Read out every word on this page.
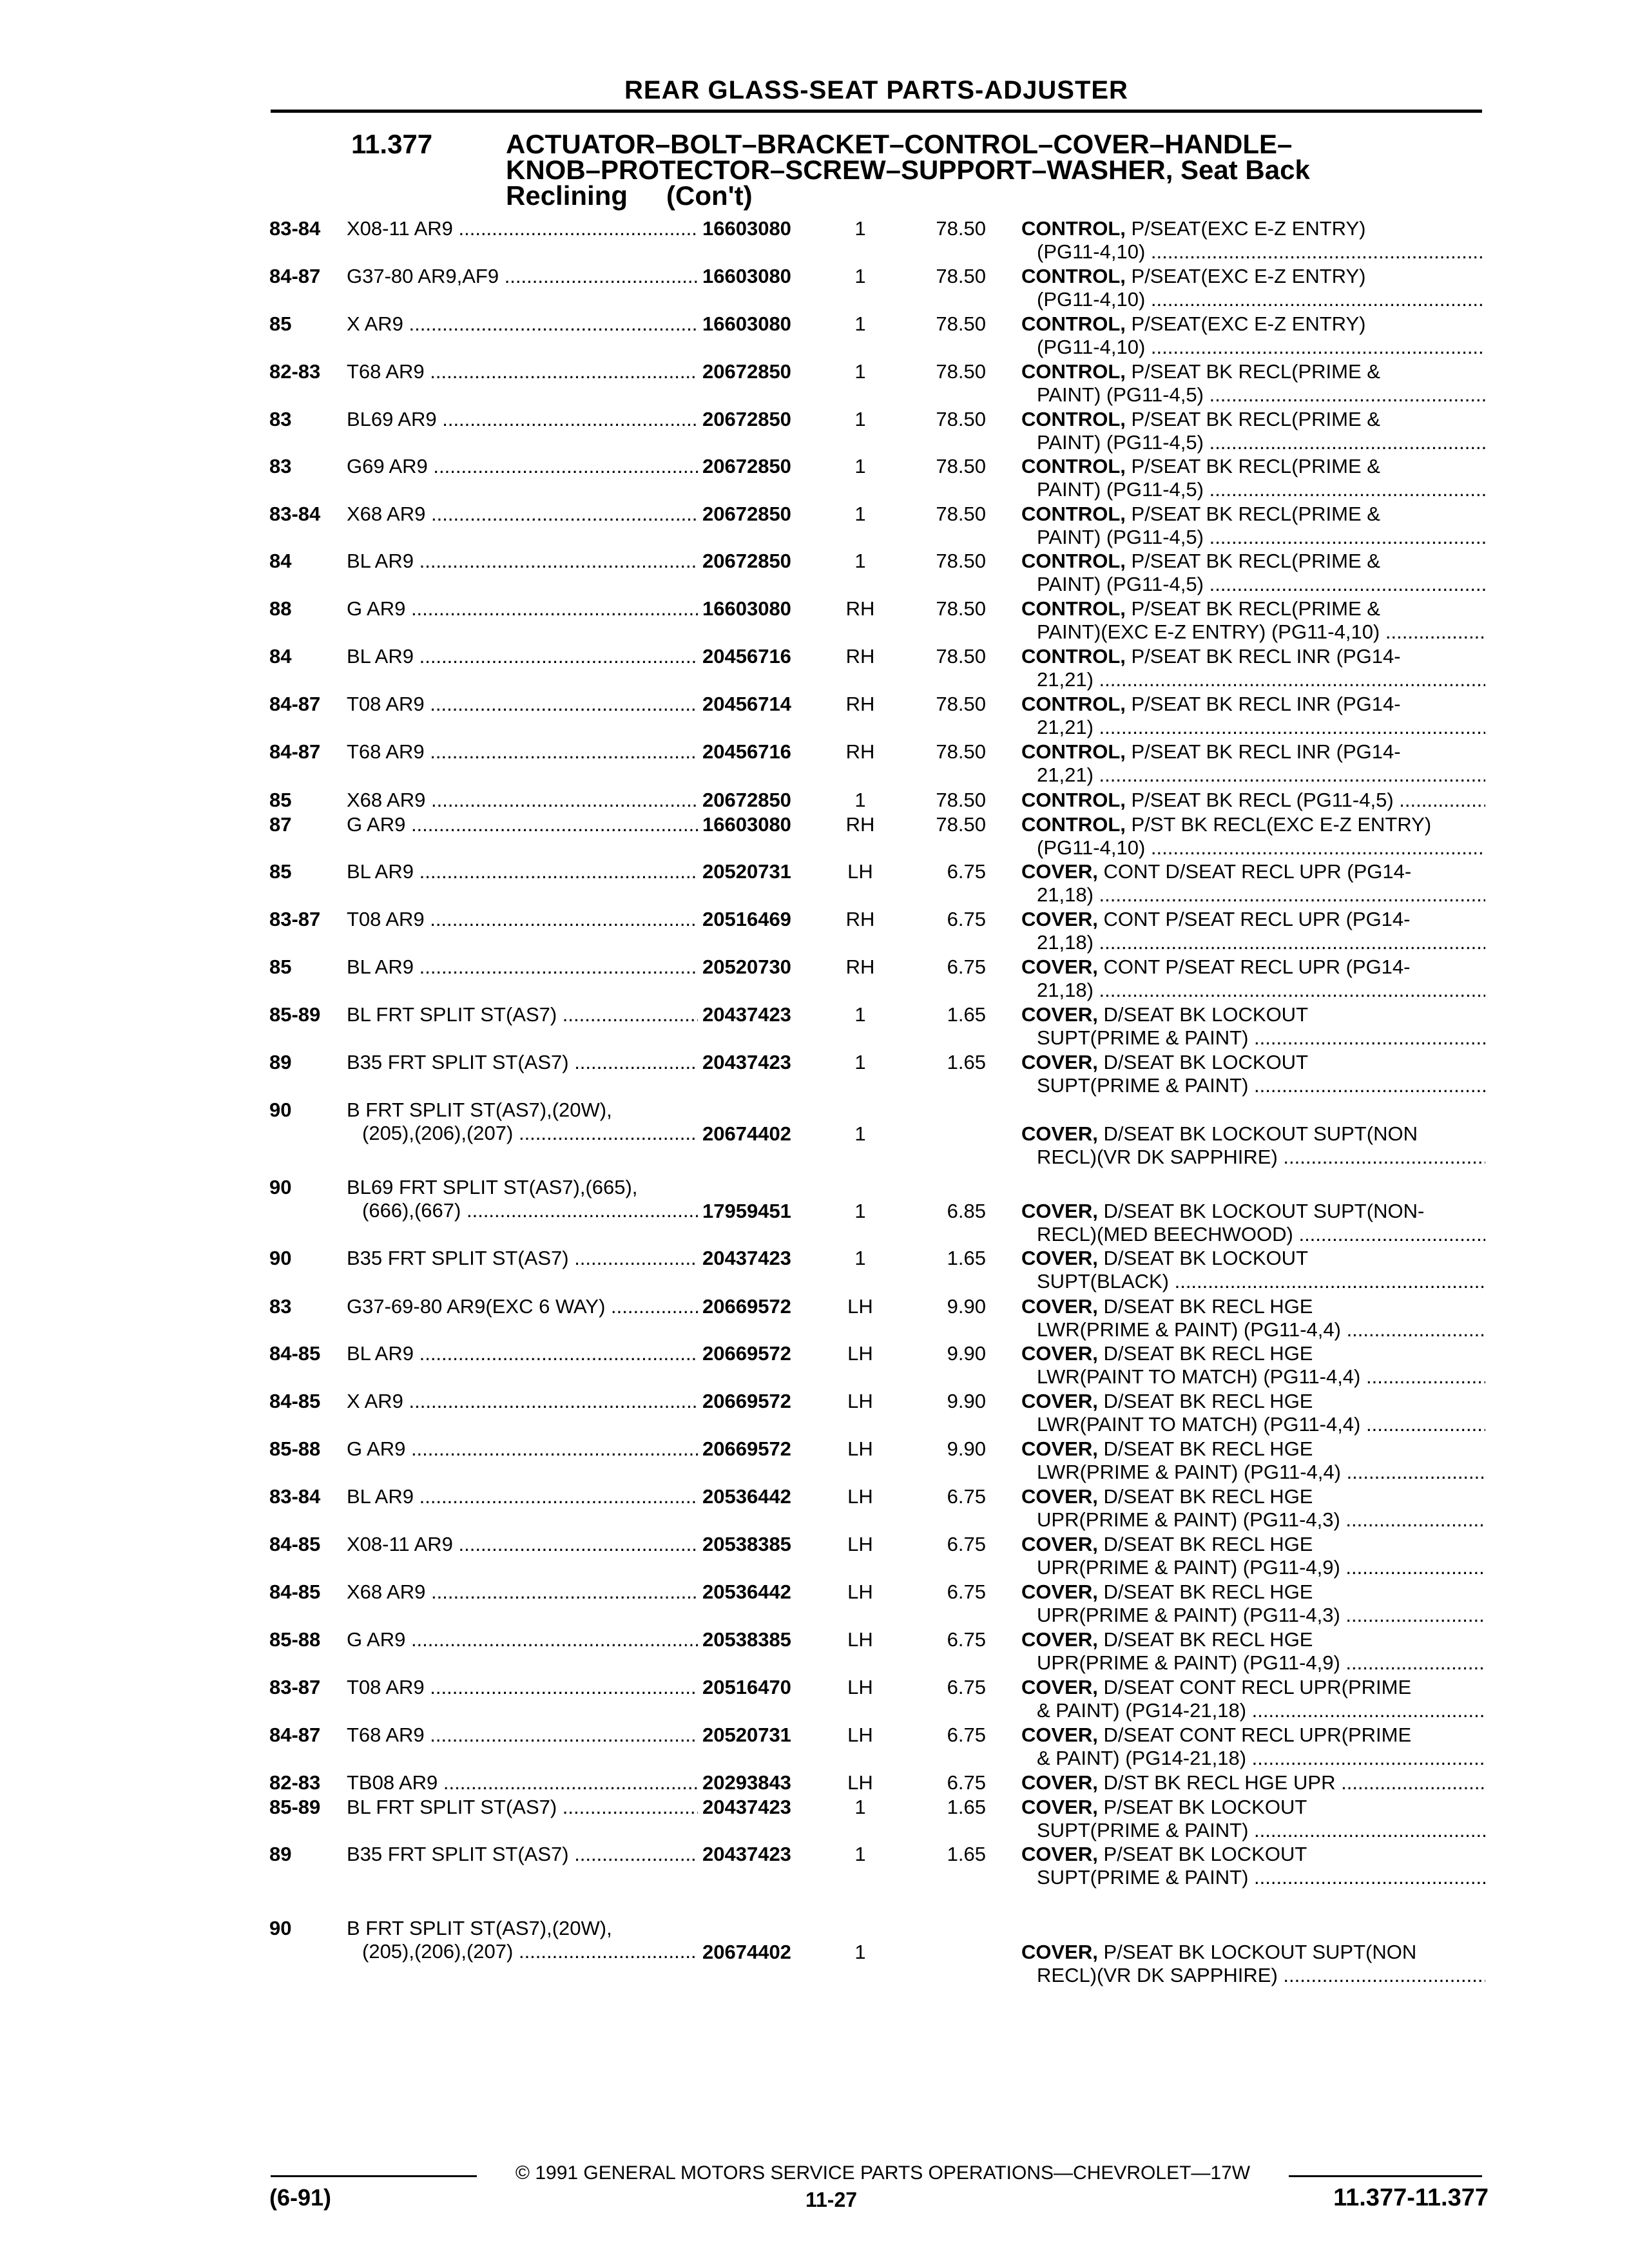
REAR GLASS-SEAT PARTS-ADJUSTER
11.377	ACTUATOR–BOLT–BRACKET–CONTROL–COVER–HANDLE–
KNOB–PROTECTOR–SCREW–SUPPORT–WASHER, Seat Back
Reclining (Con't)
83-84 X08-11 AR9 .....	16603080	1	78.50 CONTROL, P/SEAT(EXC E-Z ENTRY)
(PG11-4,10) .....
84-87 G37-80 AR9,AF9 .....	16603080	1	78.50 CONTROL, P/SEAT(EXC E-Z ENTRY)
(PG11-4,10) .....
85	X AR9 .....	16603080	1	78.50 CONTROL, P/SEAT(EXC E-Z ENTRY)
(PG11-4,10) .....
82-83 T68 AR9 .....	20672850	1	78.50 CONTROL, P/SEAT BK RECL(PRIME &
PAINT) (PG11-4,5) .....
83	BL69 AR9 .....	20672850	1	78.50 CONTROL, P/SEAT BK RECL(PRIME &
PAINT) (PG11-4,5) .....
83	G69 AR9 .....	20672850	1	78.50 CONTROL, P/SEAT BK RECL(PRIME &
PAINT) (PG11-4,5) .....
83-84 X68 AR9 .....	20672850	1	78.50 CONTROL, P/SEAT BK RECL(PRIME &
PAINT) (PG11-4,5) .....
84	BL AR9 .....	20672850	1	78.50 CONTROL, P/SEAT BK RECL(PRIME &
PAINT) (PG11-4,5) .....
88	G AR9 .....	16603080	RH	78.50 CONTROL, P/SEAT BK RECL(PRIME &
PAINT)(EXC E-Z ENTRY) (PG11-4,10) .....
84	BL AR9 .....	20456716	RH	78.50 CONTROL, P/SEAT BK RECL INR (PG14-
21,21) .....
84-87 T08 AR9 .....	20456714	RH	78.50 CONTROL, P/SEAT BK RECL INR (PG14-
21,21) .....
84-87 T68 AR9 .....	20456716	RH	78.50 CONTROL, P/SEAT BK RECL INR (PG14-
21,21) .....
85	X68 AR9 .....	20672850	1	78.50 CONTROL, P/SEAT BK RECL (PG11-4,5) .....
87	G AR9 .....	16603080	RH	78.50 CONTROL, P/ST BK RECL(EXC E-Z ENTRY)
(PG11-4,10) .....
85	BL AR9 .....	20520731	LH	6.75 COVER, CONT D/SEAT RECL UPR (PG14-
21,18) .....
83-87 T08 AR9 .....	20516469	RH	6.75 COVER, CONT P/SEAT RECL UPR (PG14-
21,18) .....
85	BL AR9 .....	20520730	RH	6.75 COVER, CONT P/SEAT RECL UPR (PG14-
21,18) .....
85-89 BL FRT SPLIT ST(AS7) .....	20437423	1	1.65 COVER, D/SEAT BK LOCKOUT
SUPT(PRIME & PAINT) .....
89	B35 FRT SPLIT ST(AS7) .....	20437423	1	1.65 COVER, D/SEAT BK LOCKOUT
SUPT(PRIME & PAINT) .....
90	B FRT SPLIT ST(AS7),(20W),
(205),(206),(207) .....	20674402	1	COVER, D/SEAT BK LOCKOUT SUPT(NON
RECL)(VR DK SAPPHIRE) .....
90	BL69 FRT SPLIT ST(AS7),(665),
(666),(667) .....	17959451	1	6.85 COVER, D/SEAT BK LOCKOUT SUPT(NON-
RECL)(MED BEECHWOOD) .....
90	B35 FRT SPLIT ST(AS7) .....	20437423	1	1.65 COVER, D/SEAT BK LOCKOUT
SUPT(BLACK) .....
83	G37-69-80 AR9(EXC 6 WAY) .....	20669572	LH	9.90 COVER, D/SEAT BK RECL HGE
LWR(PRIME & PAINT) (PG11-4,4) .....
84-85 BL AR9 .....	20669572	LH	9.90 COVER, D/SEAT BK RECL HGE
LWR(PAINT TO MATCH) (PG11-4,4) .....
84-85 X AR9 .....	20669572	LH	9.90 COVER, D/SEAT BK RECL HGE
LWR(PAINT TO MATCH) (PG11-4,4) .....
85-88 G AR9 .....	20669572	LH	9.90 COVER, D/SEAT BK RECL HGE
LWR(PRIME & PAINT) (PG11-4,4) .....
83-84 BL AR9 .....	20536442	LH	6.75 COVER, D/SEAT BK RECL HGE
UPR(PRIME & PAINT) (PG11-4,3) .....
84-85 X08-11 AR9 .....	20538385	LH	6.75 COVER, D/SEAT BK RECL HGE
UPR(PRIME & PAINT) (PG11-4,9) .....
84-85 X68 AR9 .....	20536442	LH	6.75 COVER, D/SEAT BK RECL HGE
UPR(PRIME & PAINT) (PG11-4,3) .....
85-88 G AR9 .....	20538385	LH	6.75 COVER, D/SEAT BK RECL HGE
UPR(PRIME & PAINT) (PG11-4,9) .....
83-87 T08 AR9 .....	20516470	LH	6.75 COVER, D/SEAT CONT RECL UPR(PRIME
& PAINT) (PG14-21,18) .....
84-87 T68 AR9 .....	20520731	LH	6.75 COVER, D/SEAT CONT RECL UPR(PRIME
& PAINT) (PG14-21,18) .....
82-83 TB08 AR9 .....	20293843	LH	6.75 COVER, D/ST BK RECL HGE UPR .....
85-89 BL FRT SPLIT ST(AS7) .....	20437423	1	1.65 COVER, P/SEAT BK LOCKOUT
SUPT(PRIME & PAINT) .....
89	B35 FRT SPLIT ST(AS7) .....	20437423	1	1.65 COVER, P/SEAT BK LOCKOUT
SUPT(PRIME & PAINT) .....
90	B FRT SPLIT ST(AS7),(20W),
(205),(206),(207) .....	20674402	1	COVER, P/SEAT BK LOCKOUT SUPT(NON
RECL)(VR DK SAPPHIRE) .....
© 1991 GENERAL MOTORS SERVICE PARTS OPERATIONS—CHEVROLET—17W
(6-91)	11-27	11.377-11.377
